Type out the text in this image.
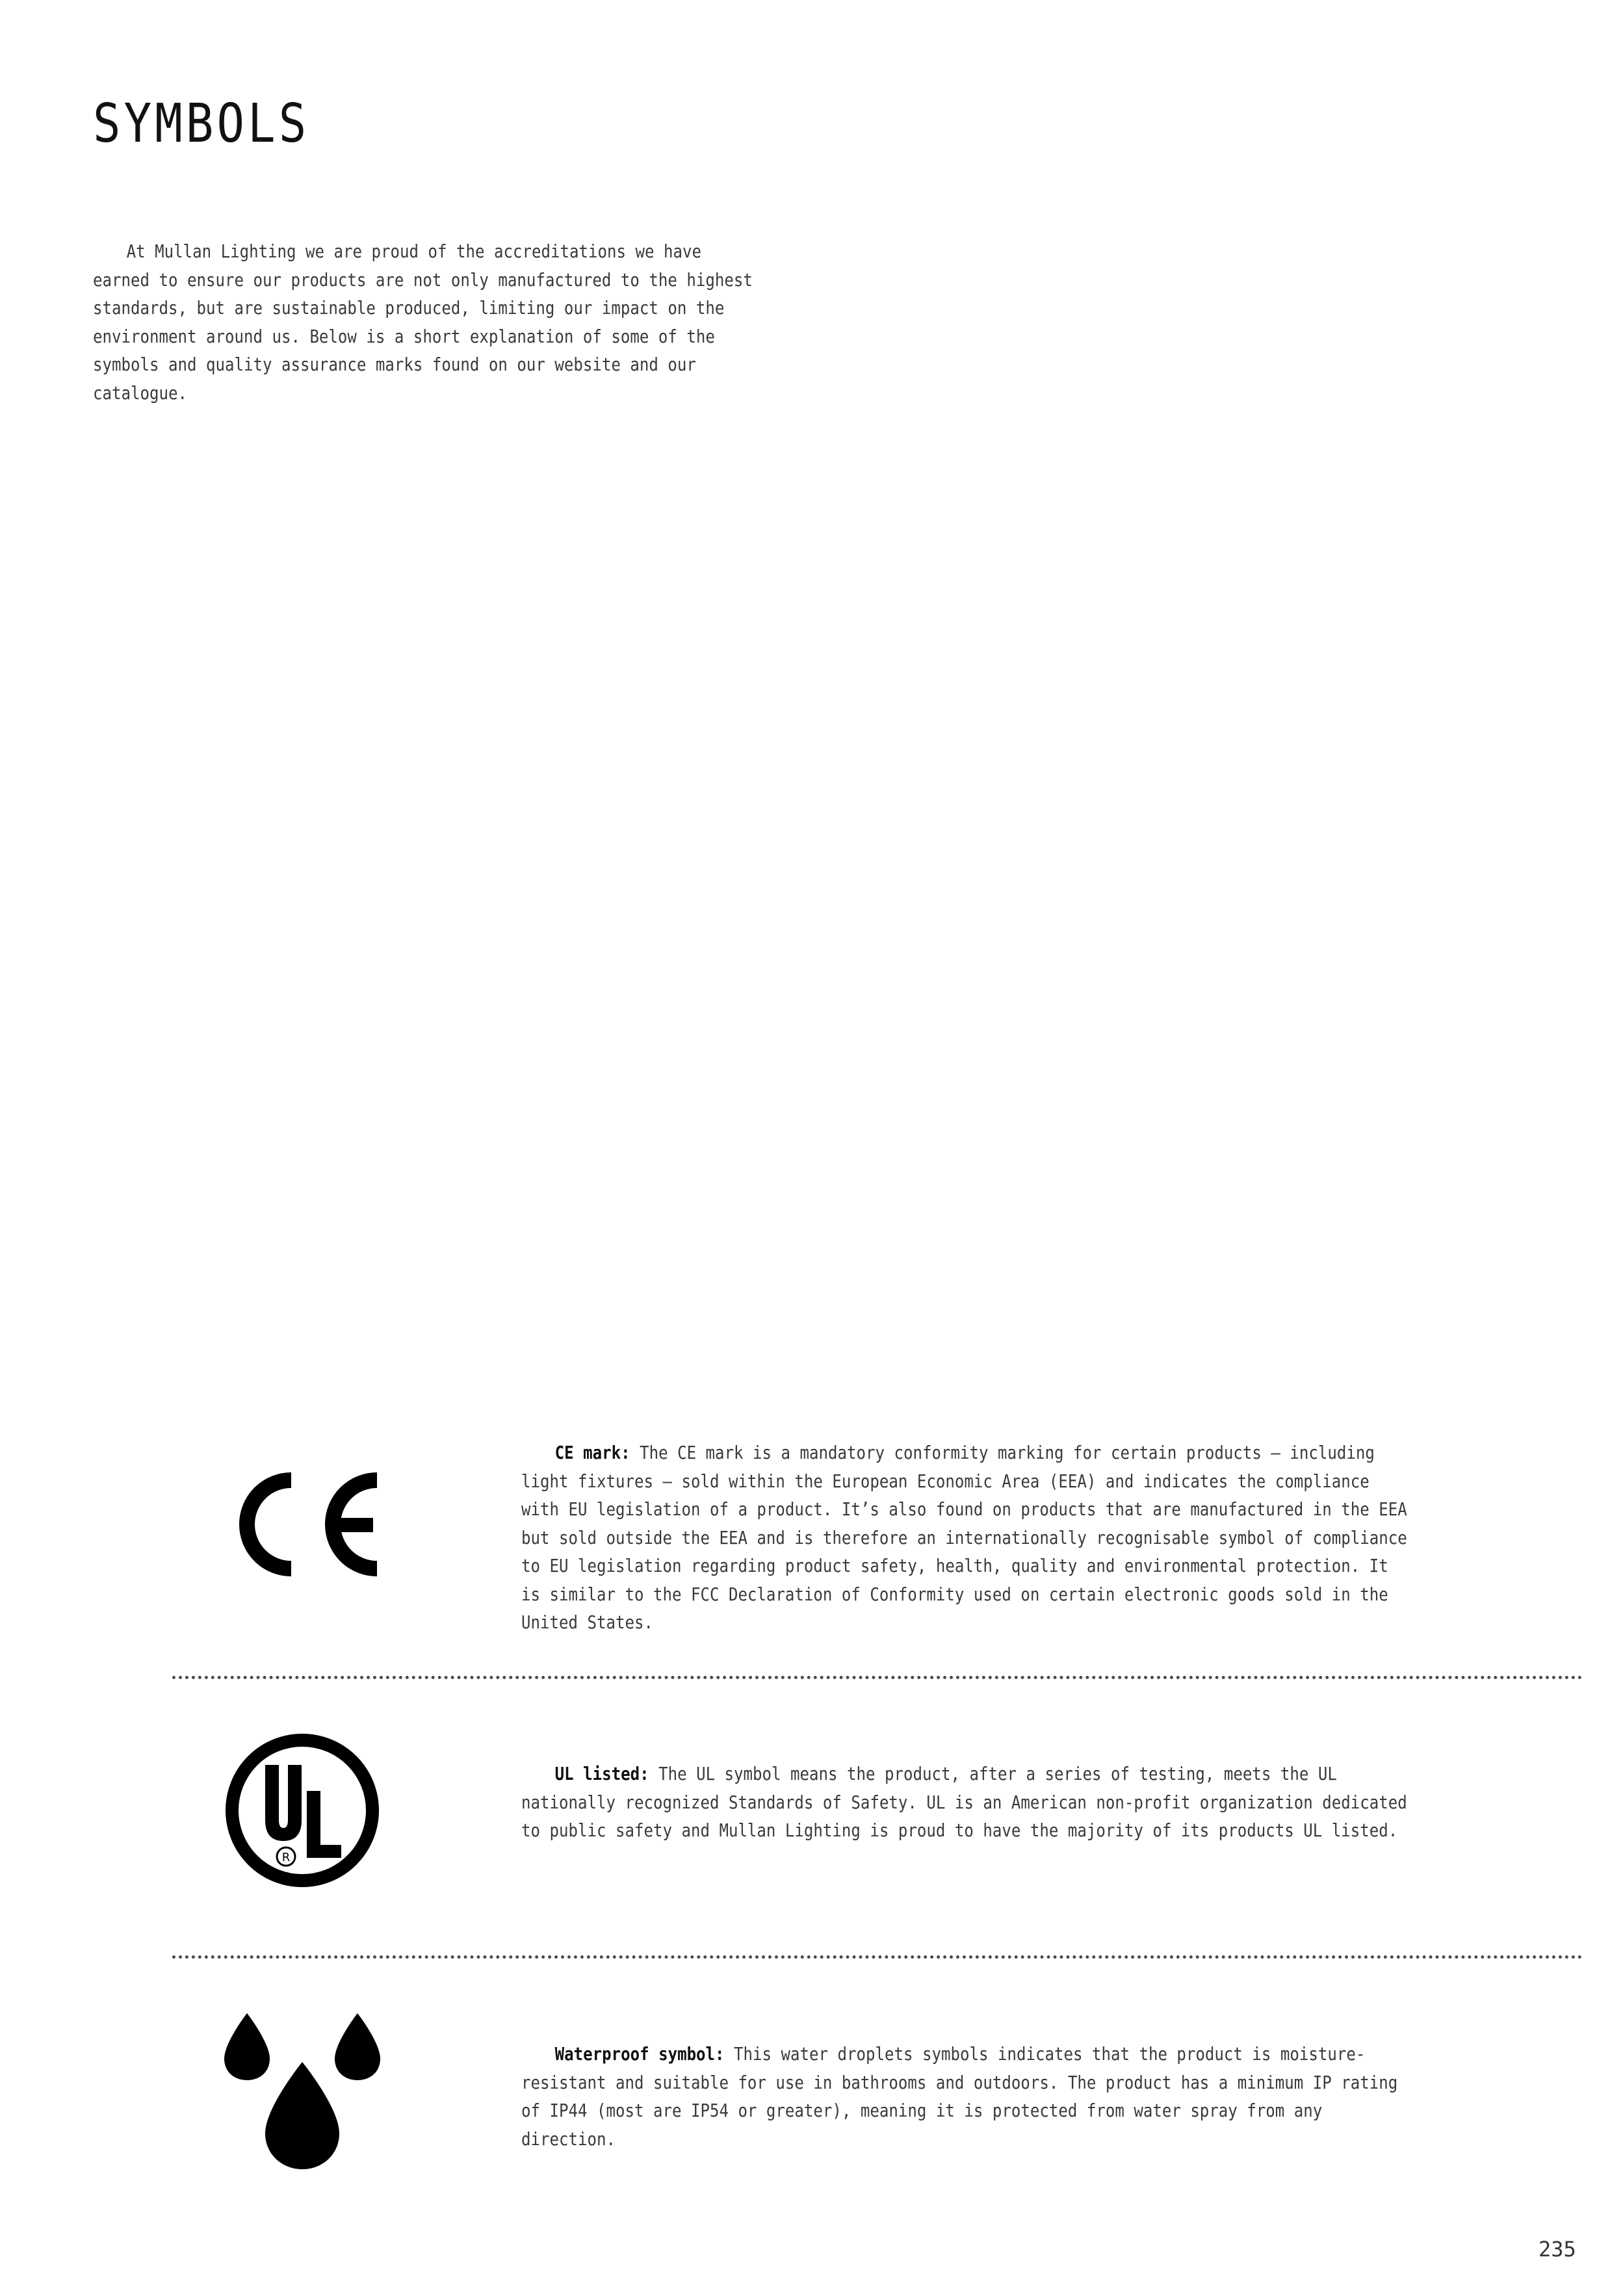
SYMBOLS

At Mullan Lighting we are proud of the accreditations we have earned to ensure our products are not only manufactured to the highest standards, but are sustainable produced, limiting our impact on the environment around us. Below is a short explanation of some of the symbols and quality assurance marks found on our website and our catalogue.

CE mark: The CE mark is a mandatory conformity marking for certain products – including light fixtures – sold within the European Economic Area (EEA) and indicates the compliance with EU legislation of a product. It’s also found on products that are manufactured in the EEA but sold outside the EEA and is therefore an internationally recognisable symbol of compliance to EU legislation regarding product safety, health, quality and environmental protection. It is similar to the FCC Declaration of Conformity used on certain electronic goods sold in the United States.

R

UL listed: The UL symbol means the product, after a series of testing, meets the UL nationally recognized Standards of Safety. UL is an American non-profit organization dedicated to public safety and Mullan Lighting is proud to have the majority of its products UL listed.

Waterproof symbol: This water droplets symbols indicates that the product is moisture-resistant and suitable for use in bathrooms and outdoors. The product has a minimum IP rating of IP44 (most are IP54 or greater), meaning it is protected from water spray from any direction.

235
